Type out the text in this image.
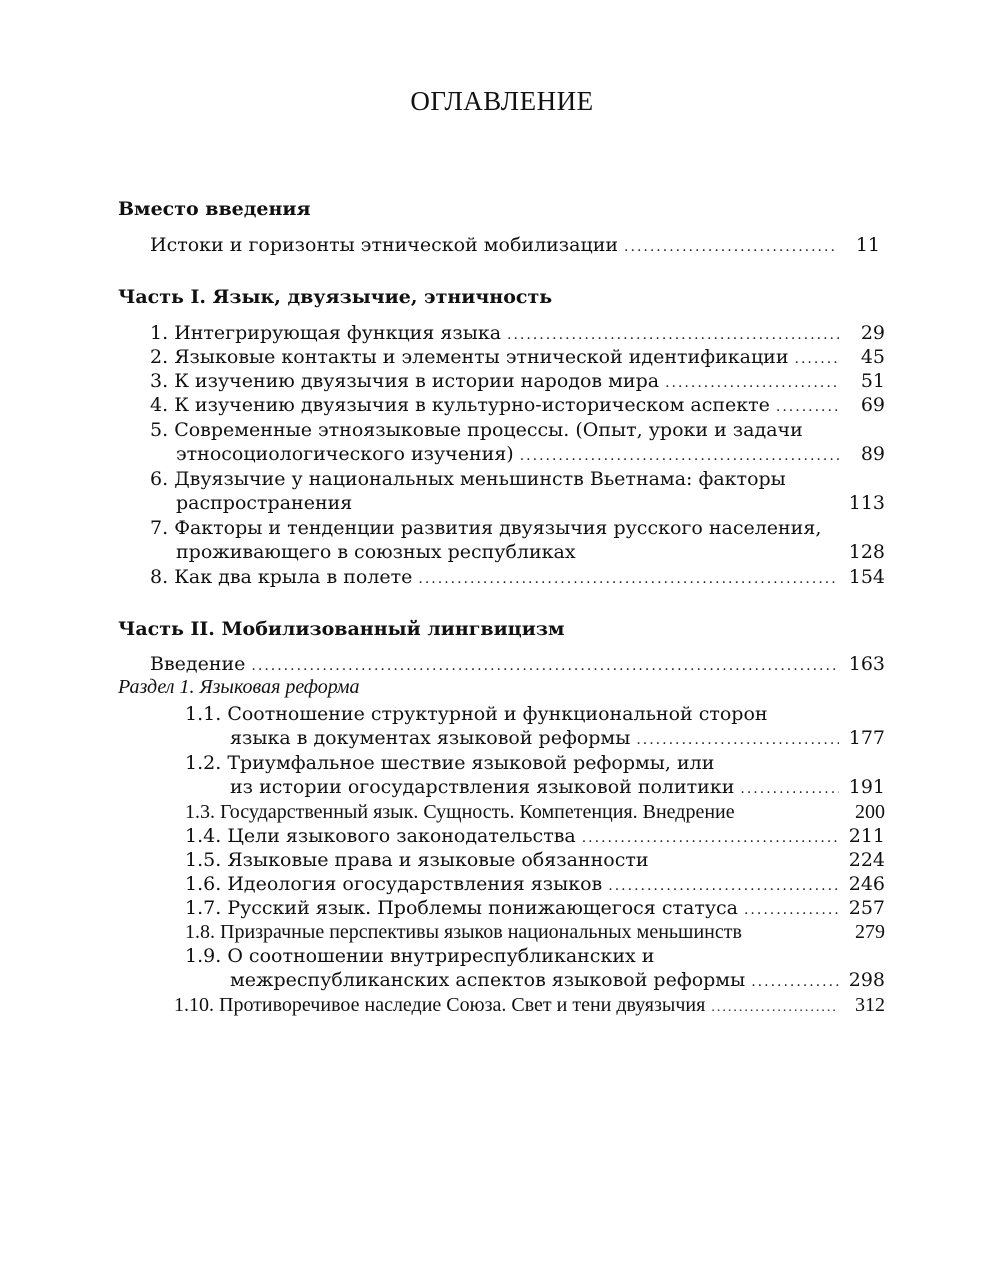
ОГЛАВЛЕНИЕ
Вместо введения
Истоки и горизонты этнической мобилизации .....	11
Часть I. Язык, двуязычие, этничность
1.
Интегрирующая функция языка .....	29
2.
Языковые контакты и элементы этнической идентификации .....	45
3.
К изучению двуязычия в истории народов мира .....	51
4.
К изучению двуязычия в культурно-историческом аспекте .....	69
5. Современные этноязыковые процессы. (Опыт, уроки и задачи
этносоциологического изучения) .....	89
6. Двуязычие у национальных меньшинств Вьетнама: факторы
распространения	113
7. Факторы и тенденции развития двуязычия русского населения,
проживающего в союзных республиках	128
8.
Как два крыла в полете .....	154
Часть II. Мобилизованный лингвицизм
Введение .....	163
Раздел 1. Языковая реформа
1.1. Соотношение структурной и функциональной сторон
языка в документах языковой реформы .....	177
1.2. Триумфальное шествие языковой реформы, или
из истории огосударствления языковой политики .....	191
1.3.
Государственный язык. Сущность. Компетенция. Внедрение	200
1.4.
Цели языкового законодательства .....	211
1.5.
Языковые права и языковые обязанности	224
1.6.
Идеология огосударствления языков .....	246
1.7.
Русский язык. Проблемы понижающегося статуса .....	257
1.8.
Призрачные перспективы языков национальных меньшинств	279
1.9. О соотношении внутриреспубликанских и
межреспубликанских аспектов языковой реформы .....	298
1.10.
Противоречивое наследие Союза. Свет и тени двуязычия .....	312
